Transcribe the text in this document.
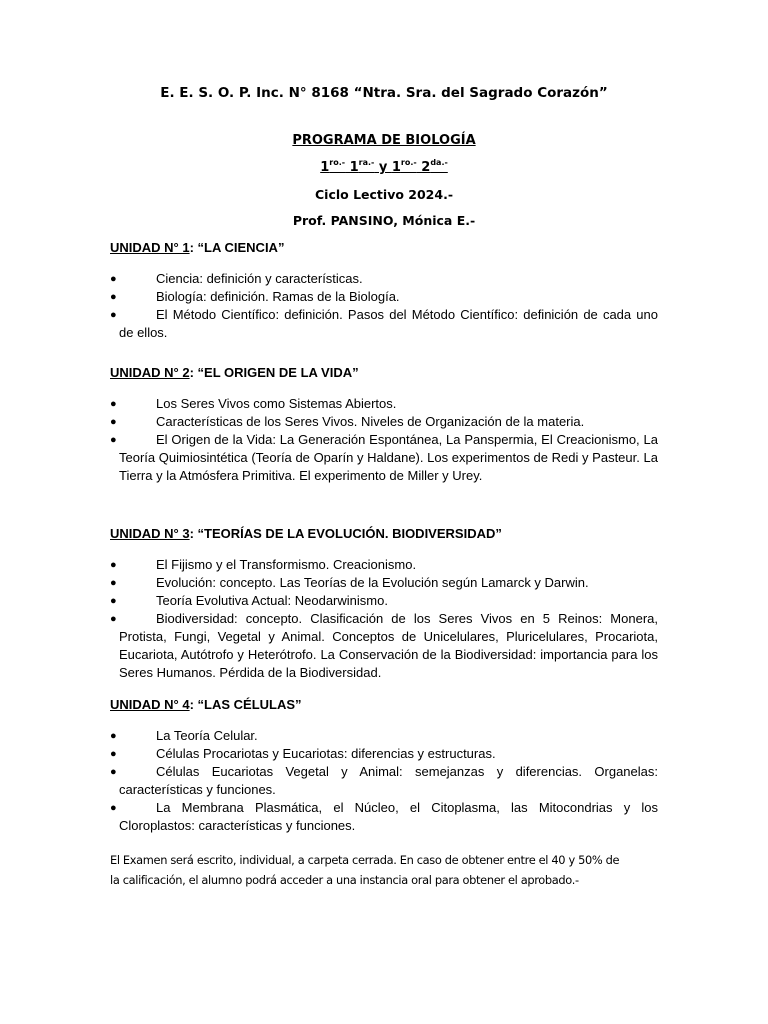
E. E. S. O. P. Inc. N° 8168 “Ntra. Sra. del Sagrado Corazón”
PROGRAMA DE BIOLOGÍA
$1^{ro.-}$ $1^{ra.-}$ y $1^{ro.-}$ $2^{da.-}$
Ciclo Lectivo 2024.-
Prof. PANSINO, Mónica E.-
UNIDAD N° 1: “LA CIENCIA”
●	Ciencia: definición y características.
●	Biología: definición. Ramas de la Biología.
●	El Método Científico: definición. Pasos del Método Científico: definición de cada uno de ellos.
UNIDAD N° 2: “EL ORIGEN DE LA VIDA”
●	Los Seres Vivos como Sistemas Abiertos.
●	Características de los Seres Vivos. Niveles de Organización de la materia.
●	El Origen de la Vida: La Generación Espontánea, La Panspermia, El Creacionismo, La Teoría Quimiosintética (Teoría de Oparín y Haldane). Los experimentos de Redi y Pasteur. La Tierra y la Atmósfera Primitiva. El experimento de Miller y Urey.
UNIDAD N° 3: “TEORÍAS DE LA EVOLUCIÓN. BIODIVERSIDAD”
●	El Fijismo y el Transformismo. Creacionismo.
●	Evolución: concepto. Las Teorías de la Evolución según Lamarck y Darwin.
●	Teoría Evolutiva Actual: Neodarwinismo.
●	Biodiversidad: concepto. Clasificación de los Seres Vivos en 5 Reinos: Monera, Protista, Fungi, Vegetal y Animal. Conceptos de Unicelulares, Pluricelulares, Procariota, Eucariota, Autótrofo y Heterótrofo. La Conservación de la Biodiversidad: importancia para los Seres Humanos. Pérdida de la Biodiversidad.
UNIDAD N° 4: “LAS CÉLULAS”
●	La Teoría Celular.
●	Células Procariotas y Eucariotas: diferencias y estructuras.
●	Células Eucariotas Vegetal y Animal: semejanzas y diferencias. Organelas: características y funciones.
●	La Membrana Plasmática, el Núcleo, el Citoplasma, las Mitocondrias y los Cloroplastos: características y funciones.
El Examen será escrito, individual, a carpeta cerrada. En caso de obtener entre el 40 y 50% de
la calificación, el alumno podrá acceder a una instancia oral para obtener el aprobado.-
